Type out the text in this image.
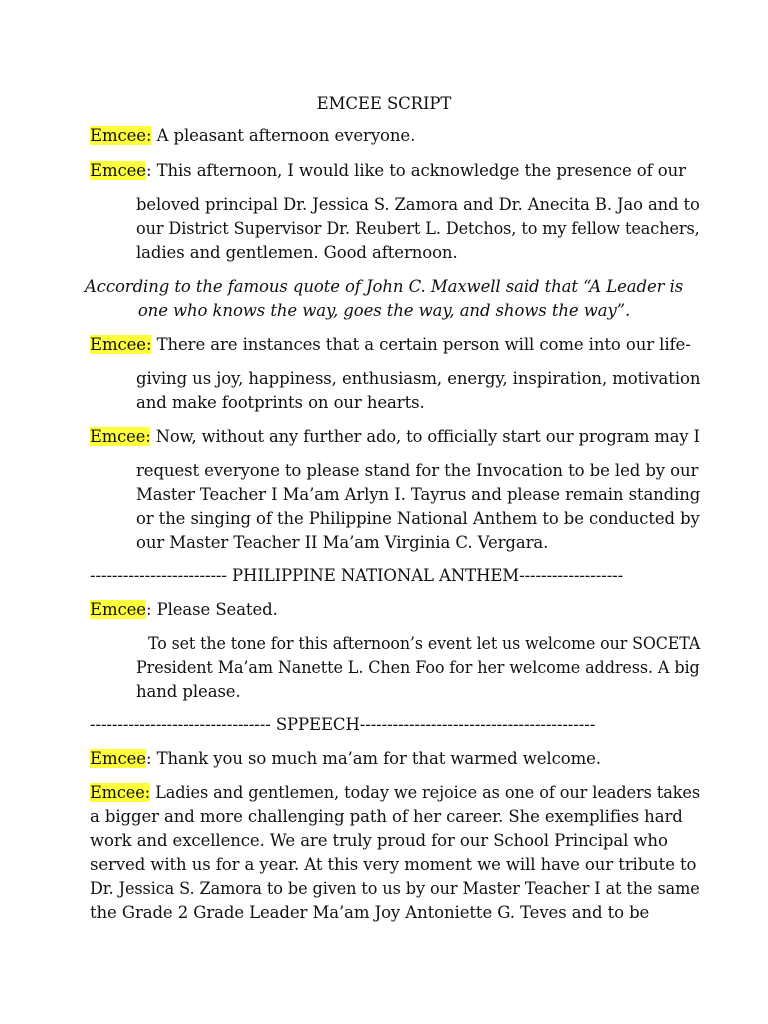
EMCEE SCRIPT
Emcee: A pleasant afternoon everyone.
Emcee: This afternoon, I would like to acknowledge the presence of our
beloved principal Dr. Jessica S. Zamora and Dr. Anecita B. Jao and to
our District Supervisor Dr. Reubert L. Detchos, to my fellow teachers,
ladies and gentlemen. Good afternoon.
According to the famous quote of John C. Maxwell said that “A Leader is
one who knows the way, goes the way, and shows the way”.
Emcee: There are instances that a certain person will come into our life-
giving us joy, happiness, enthusiasm, energy, inspiration, motivation
and make footprints on our hearts.
Emcee: Now, without any further ado, to officially start our program may I
request everyone to please stand for the Invocation to be led by our
Master Teacher I Ma’am Arlyn I. Tayrus and please remain standing
or the singing of the Philippine National Anthem to be conducted by
our Master Teacher II Ma’am Virginia C. Vergara.
------------------------- PHILIPPINE NATIONAL ANTHEM-------------------
Emcee: Please Seated.
To set the tone for this afternoon’s event let us welcome our SOCETA
President Ma’am Nanette L. Chen Foo for her welcome address. A big
hand please.
--------------------------------- SPPEECH-------------------------------------------
Emcee: Thank you so much ma’am for that warmed welcome.
Emcee: Ladies and gentlemen, today we rejoice as one of our leaders takes
a bigger and more challenging path of her career. She exemplifies hard
work and excellence. We are truly proud for our School Principal who
served with us for a year. At this very moment we will have our tribute to
Dr. Jessica S. Zamora to be given to us by our Master Teacher I at the same
the Grade 2 Grade Leader Ma’am Joy Antoniette G. Teves and to be
